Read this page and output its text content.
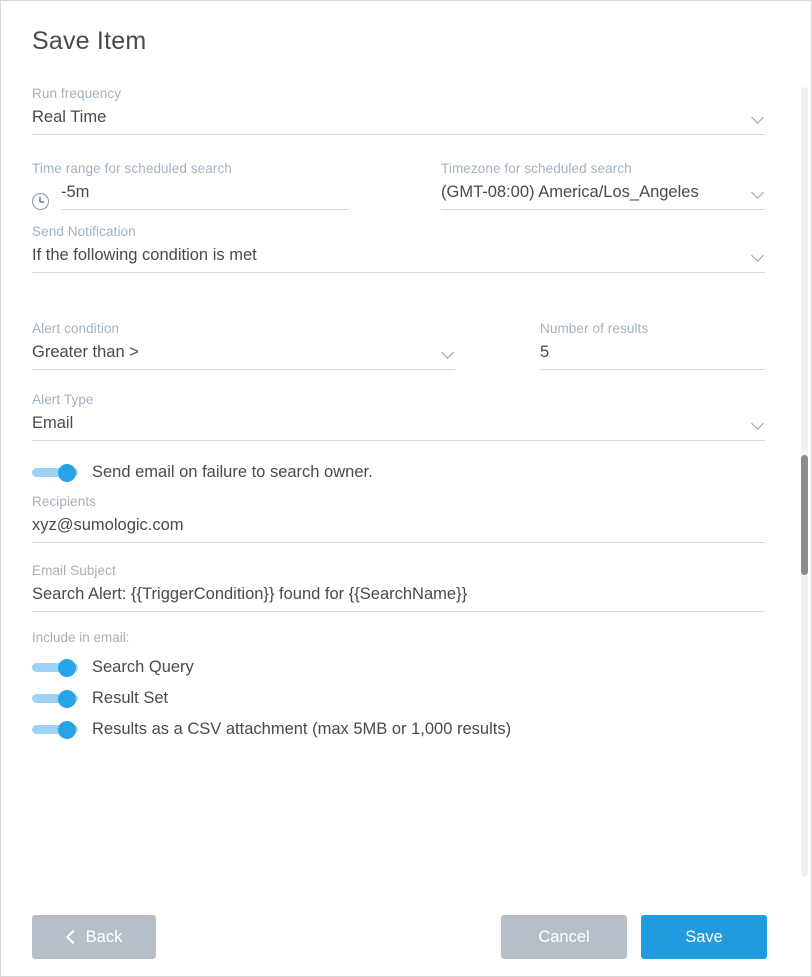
Save Item
Run frequency
Real Time
Time range for scheduled search
-5m
Timezone for scheduled search
(GMT-08:00) America/Los_Angeles
Send Notification
If the following condition is met
Alert condition
Greater than >
Number of results
5
Alert Type
Email
Send email on failure to search owner.
Recipients
xyz@sumologic.com
Email Subject
Search Alert: {{TriggerCondition}} found for {{SearchName}}
Include in email:
Search Query
Result Set
Results as a CSV attachment (max 5MB or 1,000 results)
Back	Cancel	Save
